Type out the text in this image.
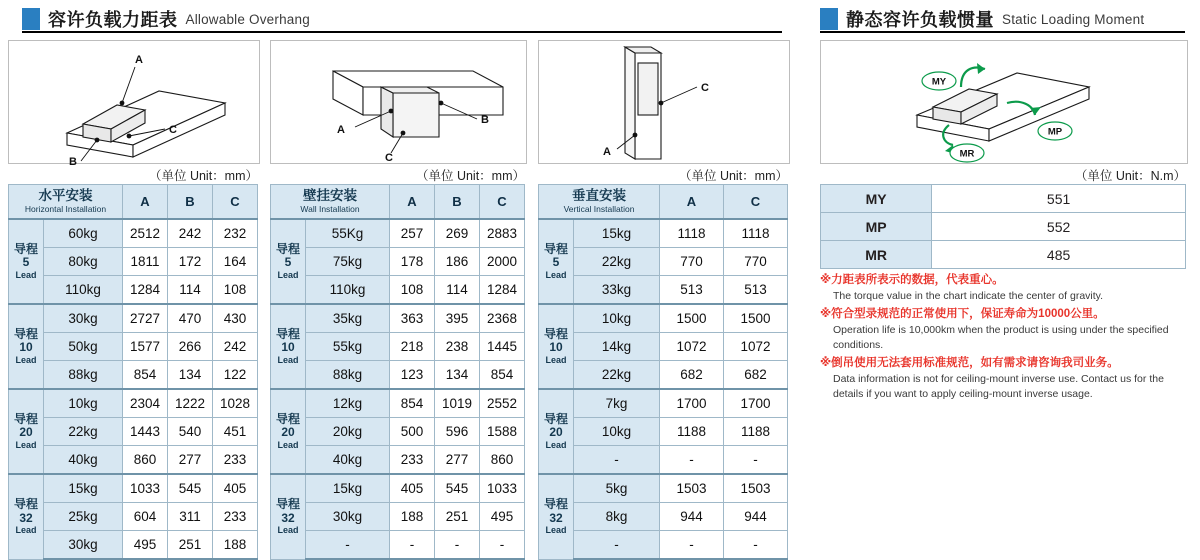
容许负载力距表 Allowable Overhang	静态容许负载惯量 Static Loading Moment
A
B
C
（单位 Unit：mm）
A
B
C
（单位 Unit：mm）
C
A
（单位 Unit：mm）
MY
MP
MR
（单位 Unit：N.m）
水平安装
Horizontal Installation		A	B	C

导程
5
Lead	60kg	2512	242	232
	80kg	1811	172	164
	110kg	1284	114	108

导程
10
Lead	30kg	2727	470	430
	50kg	1577	266	242
	88kg	854	134	122

导程
20
Lead	10kg	2304	1222	1028
	22kg	1443	540	451
	40kg	860	277	233

导程
32
Lead	15kg	1033	545	405
	25kg	604	311	233
	30kg	495	251	188
壁挂安装
Wall Installation		A	B	C

导程
5
Lead	55Kg	257	269	2883
	75kg	178	186	2000
	110kg	108	114	1284

导程
10
Lead	35kg	363	395	2368
	55kg	218	238	1445
	88kg	123	134	854

导程
20
Lead	12kg	854	1019	2552
	20kg	500	596	1588
	40kg	233	277	860

导程
32
Lead	15kg	405	545	1033
	30kg	188	251	495
	-	-	-	-
垂直安装
Vertical Installation		A	C

导程
5
Lead	15kg	1118	1118
	22kg	770	770
	33kg	513	513

导程
10
Lead	10kg	1500	1500
	14kg	1072	1072
	22kg	682	682

导程
20
Lead	7kg	1700	1700
	10kg	1188	1188
	-	-	-

导程
32
Lead	5kg	1503	1503
	8kg	944	944
	-	-	-
MY	551
MP	552
MR	485
※力距表所表示的数据，代表重心。
The torque value in the chart indicate the center of gravity.
※符合型录规范的正常使用下，保证寿命为10000公里。
Operation life is 10,000km when the product is using under the specified conditions.
※倒吊使用无法套用标准规范，如有需求请咨询我司业务。
Data information is not for ceiling-mount inverse use. Contact us for the details if you want to apply ceiling-mount inverse usage.
